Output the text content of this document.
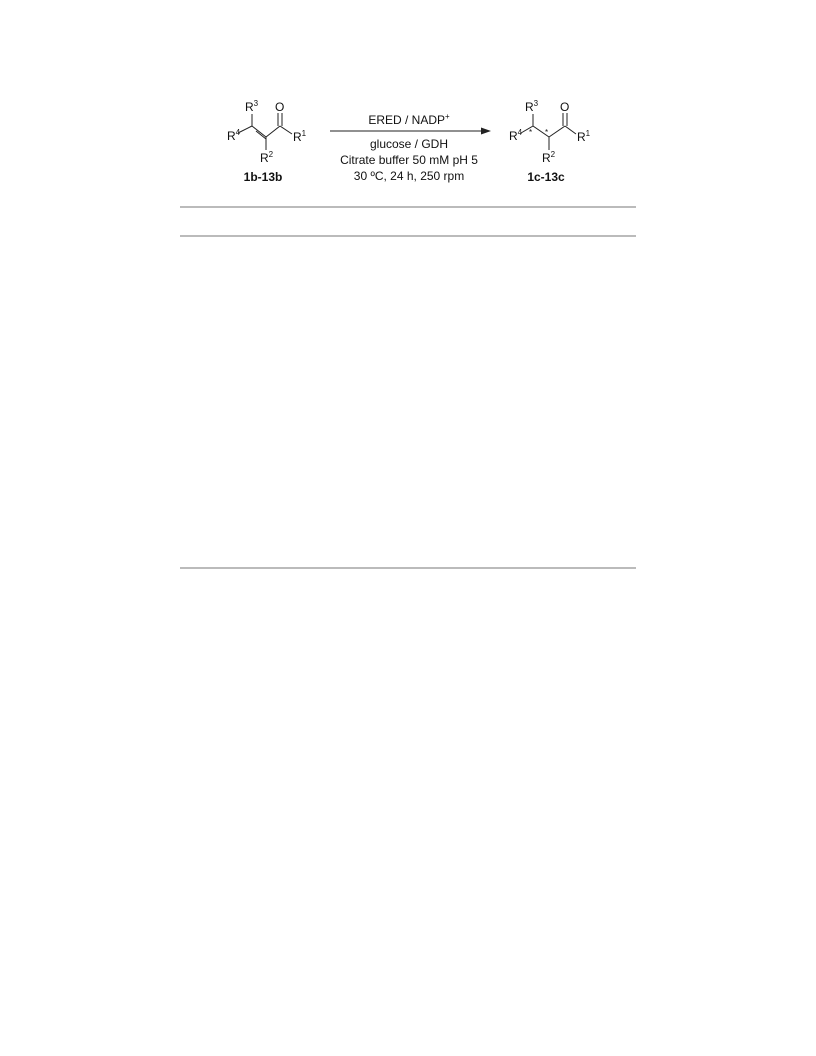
$R^3$
$R^4$
$R^2$
$R^1$
O
1b-13b
ERED / NADP+
glucose / GDH
Citrate buffer 50 mM pH 5
30 ºC, 24 h, 250 rpm
$R^3$
$R^4$ * *
$R^2$
$R^1$
O
1c-13c
